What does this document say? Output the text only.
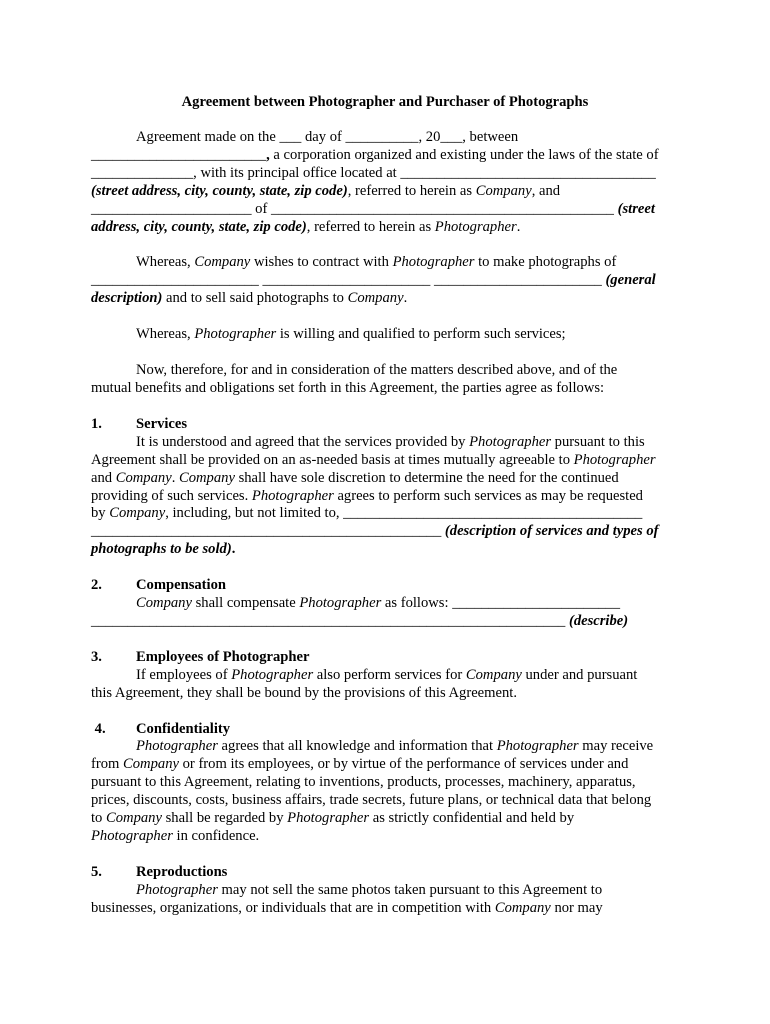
Agreement between Photographer and Purchaser of Photographs
Agreement made on the ___ day of __________, 20___, between
________________________, a corporation organized and existing under the laws of the state of
______________, with its principal office located at ___________________________________
(street address, city, county, state, zip code), referred to herein as Company, and
______________________ of _______________________________________________ (street
address, city, county, state, zip code), referred to herein as Photographer.
Whereas, Company wishes to contract with Photographer to make photographs of
_______________________ _______________________ _______________________ (general
description) and to sell said photographs to Company.
Whereas, Photographer is willing and qualified to perform such services;
Now, therefore, for and in consideration of the matters described above, and of the
mutual benefits and obligations set forth in this Agreement, the parties agree as follows:
1. Services
It is understood and agreed that the services provided by Photographer pursuant to this
Agreement shall be provided on an as-needed basis at times mutually agreeable to Photographer
and Company. Company shall have sole discretion to determine the need for the continued
providing of such services. Photographer agrees to perform such services as may be requested
by Company, including, but not limited to, _________________________________________
________________________________________________ (description of services and types of
photographs to be sold).
2. Compensation
Company shall compensate Photographer as follows: _______________________
_________________________________________________________________ (describe)
3. Employees of Photographer
If employees of Photographer also perform services for Company under and pursuant
this Agreement, they shall be bound by the provisions of this Agreement.
4. Confidentiality
Photographer agrees that all knowledge and information that Photographer may receive
from Company or from its employees, or by virtue of the performance of services under and
pursuant to this Agreement, relating to inventions, products, processes, machinery, apparatus,
prices, discounts, costs, business affairs, trade secrets, future plans, or technical data that belong
to Company shall be regarded by Photographer as strictly confidential and held by
Photographer in confidence.
5. Reproductions
Photographer may not sell the same photos taken pursuant to this Agreement to
businesses, organizations, or individuals that are in competition with Company nor may
